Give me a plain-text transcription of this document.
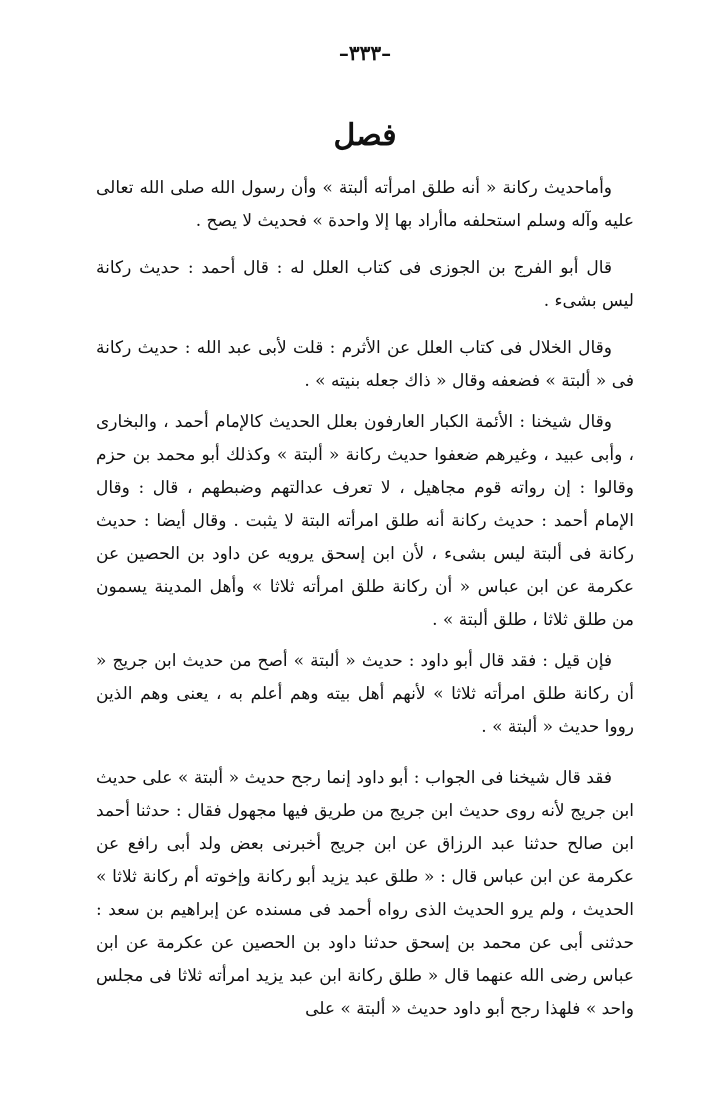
–٣٣٣–
فصل

وأماحديث ركانة « أنه طلق امرأته ألبتة » وأن رسول الله صلى الله تعالى عليه وآله وسلم استحلفه ماأراد بها إلا واحدة » فحديث لا يصح .

قال أبو الفرج بن الجوزى فى كتاب العلل له : قال أحمد : حديث ركانة ليس بشىء .

وقال الخلال فى كتاب العلل عن الأثرم : قلت لأبى عبد الله : حديث ركانة فى « ألبتة » فضعفه وقال « ذاك جعله بنيته » .

وقال شيخنا : الأئمة الكبار العارفون بعلل الحديث كالإمام أحمد ، والبخارى ، وأبى عبيد ، وغيرهم ضعفوا حديث ركانة « ألبتة » وكذلك أبو محمد بن حزم وقالوا : إن رواته قوم مجاهيل ، لا تعرف عدالتهم وضبطهم ، قال : وقال الإمام أحمد : حديث ركانة أنه طلق امرأته البتة لا يثبت . وقال أيضا : حديث ركانة فى ألبتة ليس بشىء ، لأن ابن إسحق يرويه عن داود بن الحصين عن عكرمة عن ابن عباس « أن ركانة طلق امرأته ثلاثا » وأهل المدينة يسمون من طلق ثلاثا ، طلق ألبتة » .

فإن قيل : فقد قال أبو داود : حديث « ألبتة » أصح من حديث ابن جريج « أن ركانة طلق امرأته ثلاثا » لأنهم أهل بيته وهم أعلم به ، يعنى وهم الذين رووا حديث « ألبتة » .

فقد قال شيخنا فى الجواب : أبو داود إنما رجح حديث « ألبتة » على حديث ابن جريج لأنه روى حديث ابن جريج من طريق فيها مجهول فقال : حدثنا أحمد ابن صالح حدثنا عبد الرزاق عن ابن جريج أخبرنى بعض ولد أبى رافع عن عكرمة عن ابن عباس قال : « طلق عبد يزيد أبو ركانة وإخوته أم ركانة ثلاثا » الحديث ، ولم يرو الحديث الذى رواه أحمد فى مسنده عن إبراهيم بن سعد : حدثنى أبى عن محمد بن إسحق حدثنا داود بن الحصين عن عكرمة عن ابن عباس رضى الله عنهما قال « طلق ركانة ابن عبد يزيد امرأته ثلاثا فى مجلس واحد » فلهذا رجح أبو داود حديث « ألبتة » على
